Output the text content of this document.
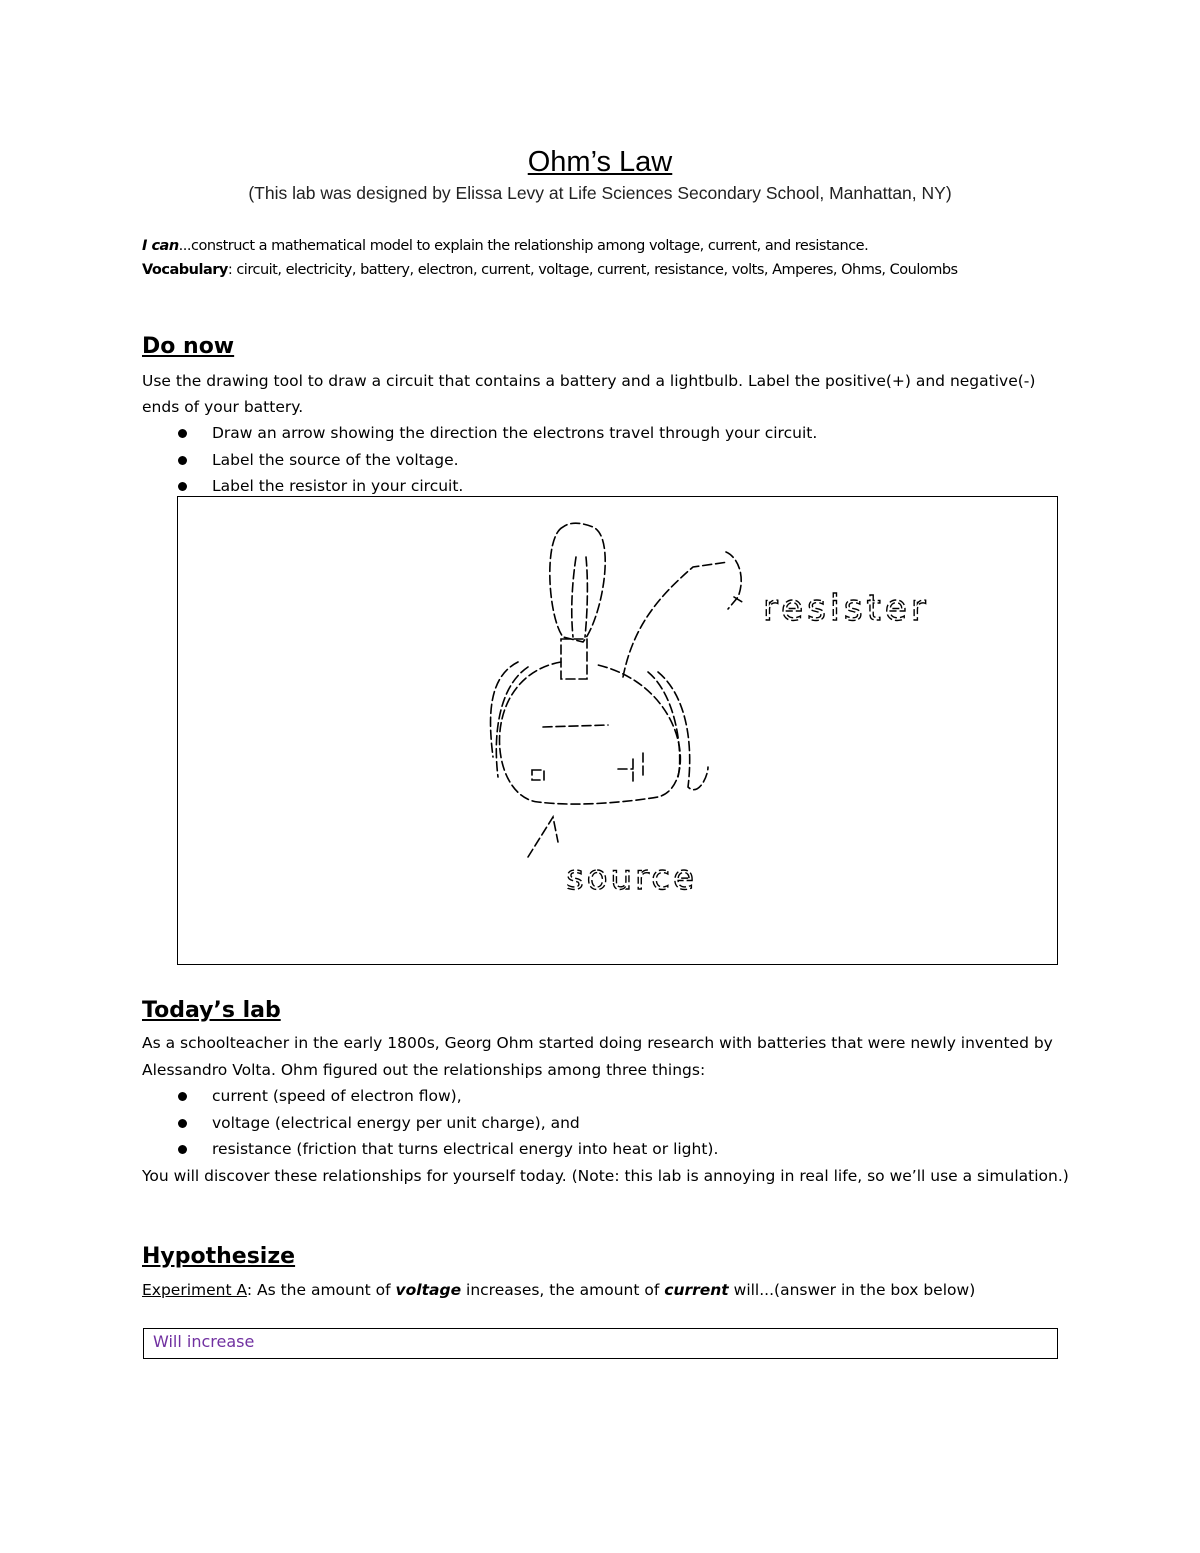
Ohm’s Law
(This lab was designed by Elissa Levy at Life Sciences Secondary School, Manhattan, NY)
I can...construct a mathematical model to explain the relationship among voltage, current, and resistance.
Vocabulary: circuit, electricity, battery, electron, current, voltage, current, resistance, volts, Amperes, Ohms, Coulombs
Do now
Use the drawing tool to draw a circuit that contains a battery and a lightbulb. Label the positive(+) and negative(-) ends of your battery.
Draw an arrow showing the direction the electrons travel through your circuit.
Label the source of the voltage.
Label the resistor in your circuit.
resister
source
Today’s lab
As a schoolteacher in the early 1800s, Georg Ohm started doing research with batteries that were newly invented by Alessandro Volta. Ohm figured out the relationships among three things:
current (speed of electron flow),
voltage (electrical energy per unit charge), and
resistance (friction that turns electrical energy into heat or light).
You will discover these relationships for yourself today. (Note: this lab is annoying in real life, so we’ll use a simulation.)
Hypothesize
Experiment A: As the amount of voltage increases, the amount of current will...(answer in the box below)
Will increase
